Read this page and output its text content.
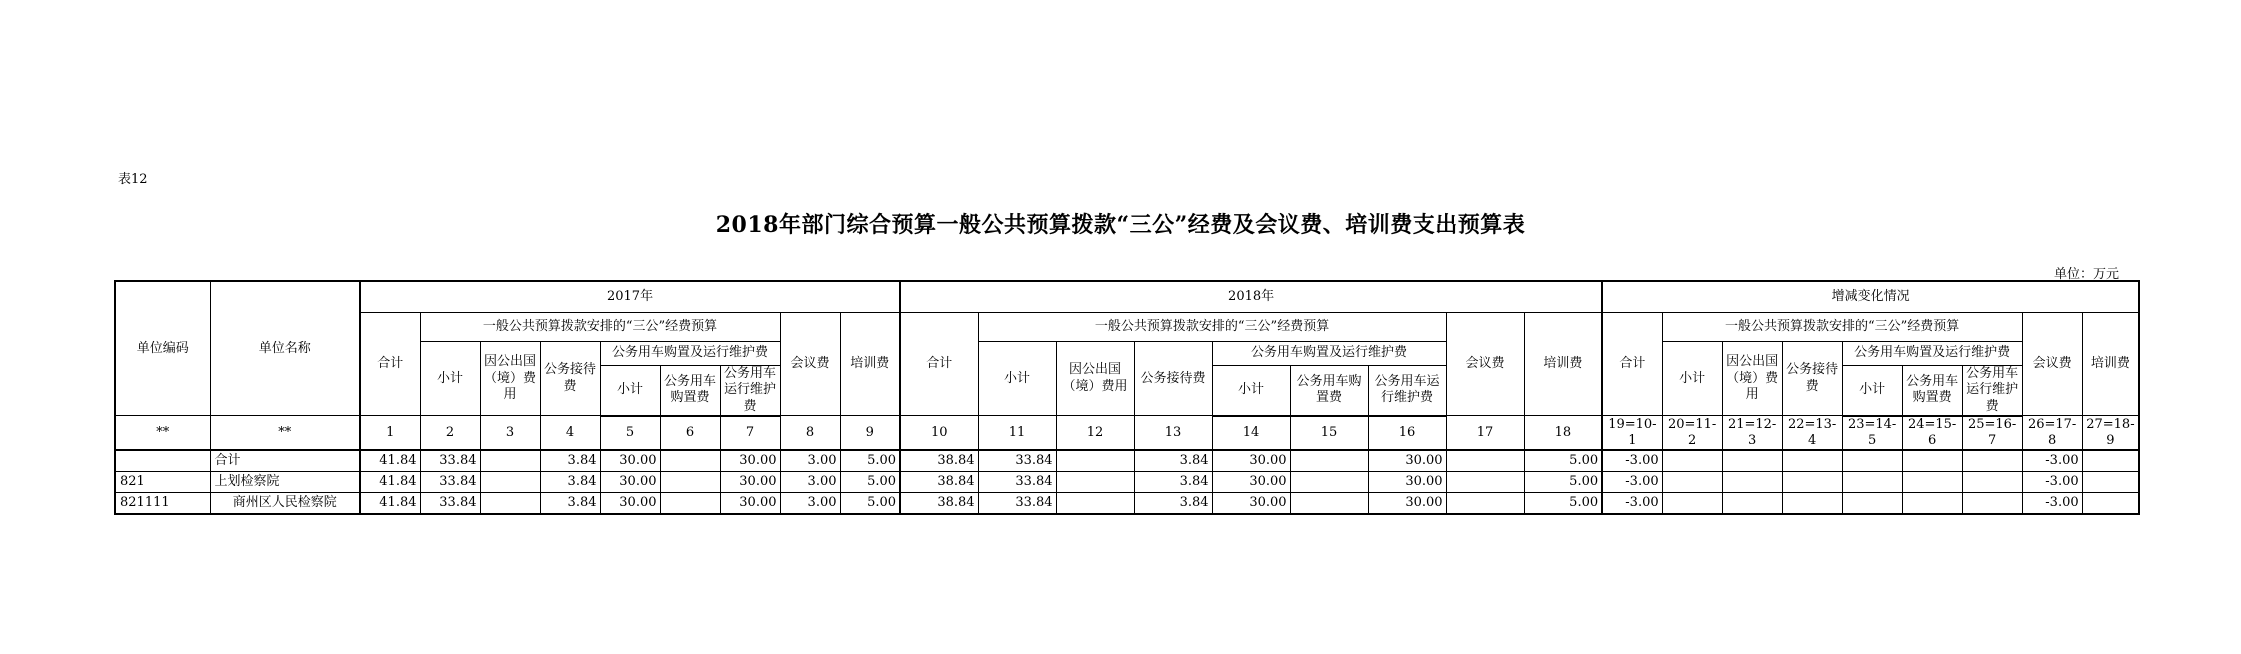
表12
2018年部门综合预算一般公共预算拨款“三公”经费及会议费、培训费支出预算表
单位：万元
单位编码	单位名称	2017年									2018年									增减变化情况								
		合计	一般公共预算拨款安排的“三公”经费预算						会议费	培训费	合计	一般公共预算拨款安排的“三公”经费预算						会议费	培训费	合计	一般公共预算拨款安排的“三公”经费预算						会议费	培训费
			小计	因公出国（境）费用	公务接待费	公务用车购置及运行维护费						小计	因公出国（境）费用	公务接待费	公务用车购置及运行维护费						小计	因公出国（境）费用	公务接待费	公务用车购置及运行维护费				
						小计	公务用车购置费	公务用车运行维护费							小计	公务用车购置费	公务用车运行维护费							小计	公务用车购置费	公务用车运行维护费		
**	**	1	2	3	4	5	6	7	8	9	10	11	12	13	14	15	16	17	18	19=10-1	20=11-2	21=12-3	22=13-4	23=14-5	24=15-6	25=16-7	26=17-8	27=18-9
	合计	41.84	33.84		3.84	30.00		30.00	3.00	5.00	38.84	33.84		3.84	30.00		30.00		5.00	-3.00							-3.00	
821	上划检察院	41.84	33.84		3.84	30.00		30.00	3.00	5.00	38.84	33.84		3.84	30.00		30.00		5.00	-3.00							-3.00	
821111	商州区人民检察院	41.84	33.84		3.84	30.00		30.00	3.00	5.00	38.84	33.84		3.84	30.00		30.00		5.00	-3.00							-3.00	
